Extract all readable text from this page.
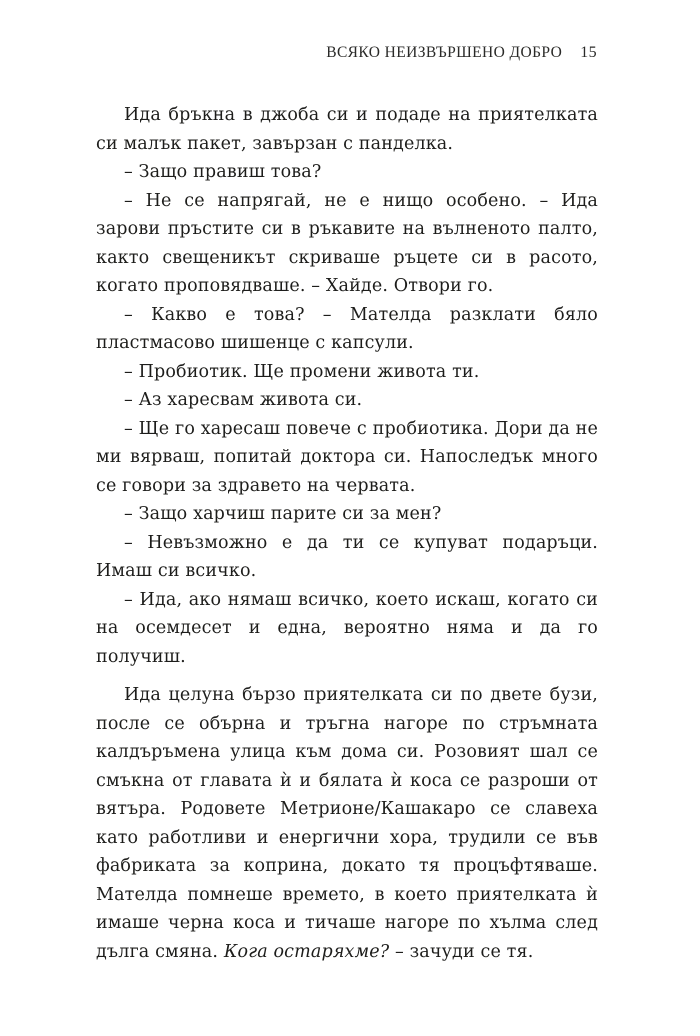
ВСЯКО НЕИЗВЪРШЕНО ДОБРО 15

Ида бръкна в джоба си и подаде на приятелката си малък пакет, завързан с панделка.

– Защо правиш това?

– Не се напрягай, не е нищо особено. – Ида зарови пръстите си в ръкавите на вълненото палто, както свещеникът скриваше ръцете си в расото, когато проповядваше. – Хайде. Отвори го.

– Какво е това? – Мателда разклати бяло пластмасово шишенце с капсули.

– Пробиотик. Ще промени живота ти.

– Аз харесвам живота си.

– Ще го харесаш повече с пробиотика. Дори да не ми вярваш, попитай доктора си. Напоследък много се говори за здравето на червата.

– Защо харчиш парите си за мен?

– Невъзможно е да ти се купуват подаръци. Имаш си всичко.

– Ида, ако нямаш всичко, което искаш, когато си на осемдесет и една, вероятно няма и да го получиш.

Ида целуна бързо приятелката си по двете бузи, после се обърна и тръгна нагоре по стръмната калдъръмена улица към дома си. Розовият шал се смъкна от главата ѝ и бялата ѝ коса се разроши от вятъра. Родовете Метрионе/Кашакаро се славеха като работливи и енергични хора, трудили се във фабриката за коприна, докато тя процъфтяваше. Мателда помнеше времето, в което приятелката ѝ имаше черна коса и тичаше нагоре по хълма след дълга смяна. Кога остаряхме? – зачуди се тя.
